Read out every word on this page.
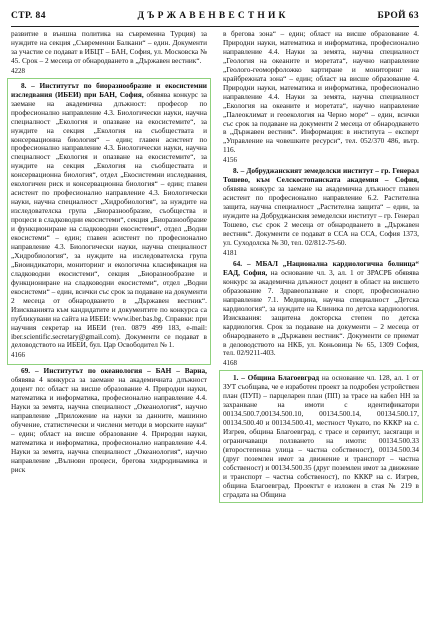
СТР. 84	Д Ъ Р Ж А В Е Н В Е С Т Н И К	БРОЙ 63

развитие в външна политика на съвременна Турция) за нуждите на секция „Съвременни Балкани“ – един. Документи за участие се подават в ИБЦТ – БАН, София, ул. Московска № 45. Срок – 2 месеца от обнародването в „Държавен вестник“.

4228

8. – Институтът по биоразнообразие и екосистемни изследвания (ИБЕИ) при БАН, София, обявява конкурс за заемане на академична длъжност: професор по професионално направление 4.3. Биологически науки, научна специалност „Екология и опазване на екосистемите“, за нуждите на секция „Екология на съобществата и консервационна биология“ – един; главен асистент по професионално направление 4.3. Биологически науки, научна специалност „Екология и опазване на екосистемите“, за нуждите на секция „Екология на съобществата и консервационна биология“, отдел „Екосистемни изследвания, екологичен риск и консервационна биология“ – един; главен асистент по професионално направление 4.3. Биологически науки, научна специалност „Хидробиология“, за нуждите на изследователска група „Биоразнообразие, съобщества и процеси в сладководни екосистеми“, секция „Биоразнообразие и функциониране на сладководни екосистеми“, отдел „Водни екосистеми“ – един; главен асистент по професионално направление 4.3. Биологически науки, научна специалност „Хидробиология“, за нуждите на изследователска група „Биоиндикатори, мониторинг и екологична класификация на сладководни екосистеми“, секция „Биоразнообразие и функциониране на сладководни екосистеми“, отдел „Водни екосистеми“ – един, всички със срок за подаване на документи 2 месеца от обнародването в „Държавен вестник“. Изискванията към кандидатите и документите по конкурса са публикувани на сайта на ИБЕИ: www.iber.bas.bg. Справки: при научния секретар на ИБЕИ (тел. 0879 499 183, e-mail: iber.scientific.secretary@gmail.com). Документи се подават в деловодството на ИБЕИ, бул. Цар Освободител № 1.

4166

69. – Институтът по океанология – БАН – Варна, обявява 4 конкурса за заемане на академичната длъжност доцент по: област на висше образование 4. Природни науки, математика и информатика, професионално направление 4.4. Науки за земята, научна специалност „Океанология“, научно направление „Приложение на науки за данните, машинно обучение, статистически и числени методи в морските науки“ – един; област на висше образование 4. Природни науки, математика и информатика, професионално направление 4.4. Науки за земята, научна специалност „Океанология“, научно направление „Вълнови процеси, брегова хидродинамика и риск

в брегова зона“ – един; област на висше образование 4. Природни науки, математика и информатика, професионално направление 4.4. Науки за земята, научна специалност „Геология на океаните и моретата“, научно направление „Геолого-геоморфоложко картиране и мониторинг на крайбрежната зона“ – един; област на висше образование 4. Природни науки, математика и информатика, професионално направление 4.4. Науки за земята, научна специалност „Екология на океаните и моретата“, научно направление „Палеоклимат и геоекология на Черно море“ – един, всички със срок за подаване на документи 2 месеца от обнародването в „Държавен вестник“. Информация: в института – експерт „Управление на човешките ресурси“, тел. 052/370 486, вътр. 116.

4156

8. – Добруджанският земеделски институт – гр. Генерал Тошево, към Селскостопанската академия – София, обявява конкурс за заемане на академична длъжност главен асистент по професионално направление 6.2. Растителна защита, научна специалност „Растителна защита“ – един, за нуждите на Добруджанския земеделски институт – гр. Генерал Тошево, със срок 2 месеца от обнародването в „Държавен вестник“. Документи се подават в ССА на ССА, София 1373, ул. Суходолска № 30, тел. 02/812-75-60.

4181

64. – МБАЛ „Национална кардиологична болница“ ЕАД, София, на основание чл. 3, ал. 1 от ЗРАСРБ обявява конкурс за академична длъжност доцент в област на висшето образование 7. Здравеопазване и спорт, професионално направление 7.1. Медицина, научна специалност „Детска кардиология“, за нуждите на Клиника по детска кардиология. Изисквания: защитена докторска степен по детска кардиология. Срок за подаване на документи – 2 месеца от обнародването в „Държавен вестник“. Документи се приемат в деловодството на НКБ, ул. Коньовица № 65, 1309 София, тел. 02/9211-403.

4168

1. – Община Благоевград на основание чл. 128, ал. 1 от ЗУТ съобщава, че е изработен проект за подробен устройствен план (ПУП) – парцеларен план (ПП) за трасе на кабел НН за захранване на имоти с идентификатори 00134.500.7,00134.500.10, 00134.500.14, 00134.500.17, 00134.500.40 и 00134.500.41, местност Чукато, по КККР на с. Изгрев, община Благоевград, с трасе и сервитут, засягащи и ограничаващи ползването на имоти: 00134.500.33 (второстепенна улица – частна собственост), 00134.500.34 (друг поземлен имот за движение и транспорт – частна собственост) и 00134.500.35 (друг поземлен имот за движение и транспорт – частна собственост), по КККР на с. Изгрев, община Благоевград. Проектът е изложен в стая № 219 в сградата на Община
